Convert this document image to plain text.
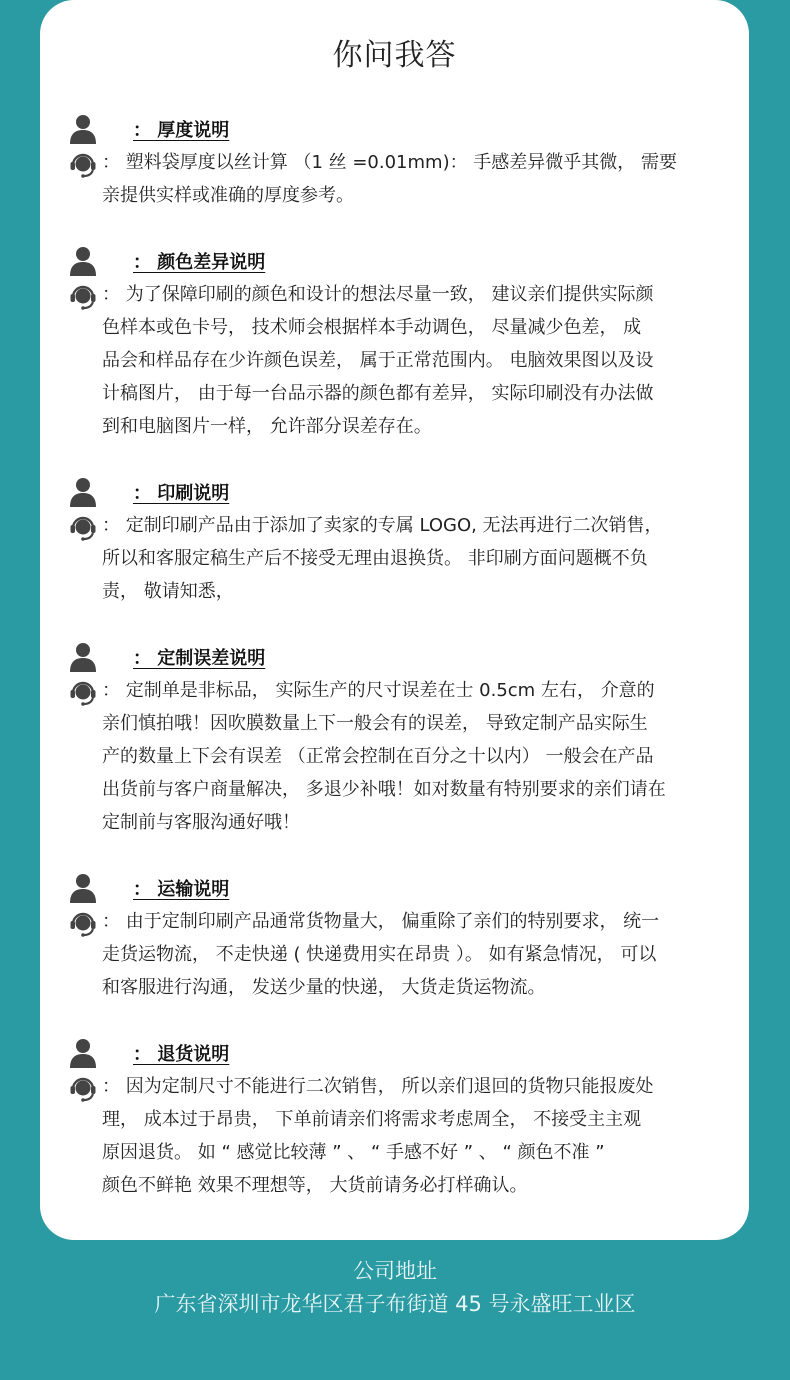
你问我答
： 厚度说明
： 塑料袋厚度以丝计算 （1 丝 =0.01mm)： 手感差异微乎其微， 需要
亲提供实样或准确的厚度参考。
： 颜色差异说明
： 为了保障印刷的颜色和设计的想法尽量一致， 建议亲们提供实际颜
色样本或色卡号， 技术师会根据样本手动调色， 尽量减少色差， 成
品会和样品存在少许颜色误差， 属于正常范围内。 电脑效果图以及设
计稿图片， 由于每一台品示器的颜色都有差异， 实际印刷没有办法做
到和电脑图片一样， 允许部分误差存在。
： 印刷说明
： 定制印刷产品由于添加了卖家的专属 LOGO, 无法再进行二次销售，
所以和客服定稿生产后不接受无理由退换货。 非印刷方面问题概不负
责， 敬请知悉，
： 定制误差说明
： 定制单是非标品， 实际生产的尺寸误差在士 0.5cm 左右， 介意的
亲们慎拍哦！因吹膜数量上下一般会有的误差， 导致定制产品实际生
产的数量上下会有误差 （正常会控制在百分之十以内） 一般会在产品
出货前与客户商量解决， 多退少补哦！如对数量有特别要求的亲们请在
定制前与客服沟通好哦！
： 运输说明
： 由于定制印刷产品通常货物量大， 偏重除了亲们的特别要求， 统一
走货运物流， 不走快递 ( 快递费用实在昂贵 ）。 如有紧急情况， 可以
和客服进行沟通， 发送少量的快递， 大货走货运物流。
： 退货说明
： 因为定制尺寸不能进行二次销售， 所以亲们退回的货物只能报废处
理， 成本过于昂贵， 下单前请亲们将需求考虑周全， 不接受主主观
原因退货。 如 “ 感觉比较薄 ” 、 “ 手感不好 ” 、 “ 颜色不准 ”
颜色不鲜艳 效果不理想等， 大货前请务必打样确认。
公司地址
广东省深圳市龙华区君子布街道 45 号永盛旺工业区
